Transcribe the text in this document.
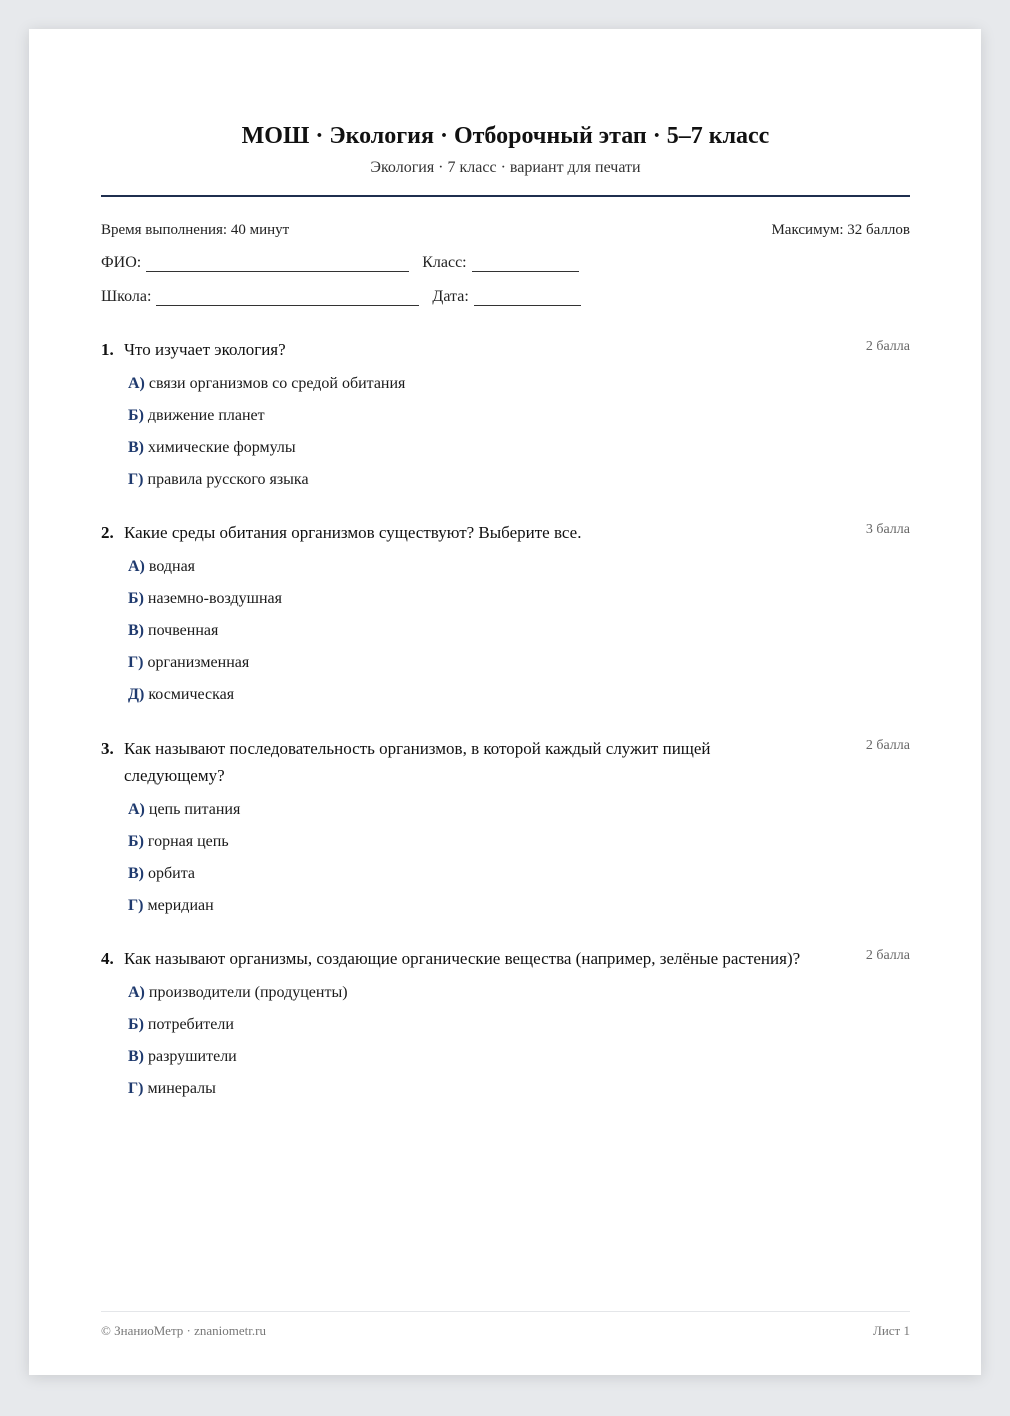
МОШ · Экология · Отборочный этап · 5–7 класс
Экология · 7 класс · вариант для печати
Время выполнения: 40 минут	Максимум: 32 баллов
ФИО:	Класс:
Школа:	Дата:
1. Что изучает экология?	2 балла
А) связи организмов со средой обитания
Б) движение планет
В) химические формулы
Г) правила русского языка
2. Какие среды обитания организмов существуют? Выберите все.	3 балла
А) водная
Б) наземно-воздушная
В) почвенная
Г) организменная
Д) космическая
3. Как называют последовательность организмов, в которой каждый служит пищей следующему?
2 балла
А) цепь питания
Б) горная цепь
В) орбита
Г) меридиан
4. Как называют организмы, создающие органические вещества (например, зелёные растения)?	2 балла
А) производители (продуценты)
Б) потребители
В) разрушители
Г) минералы
© ЗнаниоМетр · znaniometr.ru	Лист 1
